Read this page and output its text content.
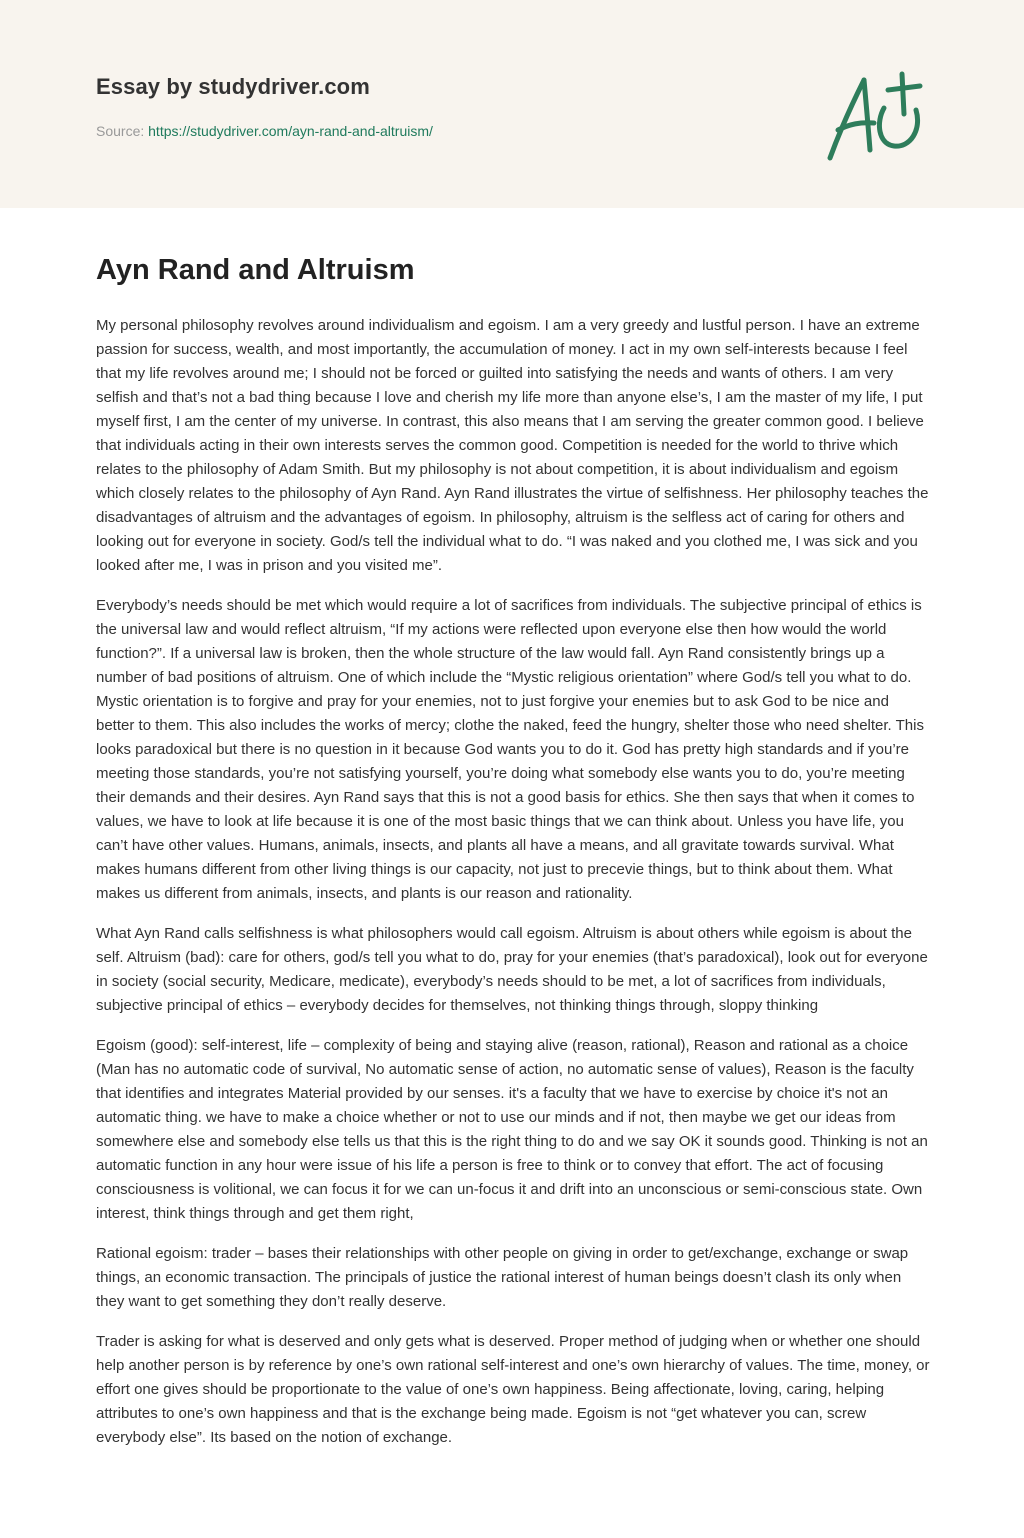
Essay by studydriver.com
Source: https://studydriver.com/ayn-rand-and-altruism/
Ayn Rand and Altruism

My personal philosophy revolves around individualism and egoism. I am a very greedy and lustful person. I have an extreme passion for success, wealth, and most importantly, the accumulation of money. I act in my own self-interests because I feel that my life revolves around me; I should not be forced or guilted into satisfying the needs and wants of others. I am very selfish and that’s not a bad thing because I love and cherish my life more than anyone else’s, I am the master of my life, I put myself first, I am the center of my universe. In contrast, this also means that I am serving the greater common good. I believe that individuals acting in their own interests serves the common good. Competition is needed for the world to thrive which relates to the philosophy of Adam Smith. But my philosophy is not about competition, it is about individualism and egoism which closely relates to the philosophy of Ayn Rand. Ayn Rand illustrates the virtue of selfishness. Her philosophy teaches the disadvantages of altruism and the advantages of egoism. In philosophy, altruism is the selfless act of caring for others and looking out for everyone in society. God/s tell the individual what to do. “I was naked and you clothed me, I was sick and you looked after me, I was in prison and you visited me”.

Everybody’s needs should be met which would require a lot of sacrifices from individuals. The subjective principal of ethics is the universal law and would reflect altruism, “If my actions were reflected upon everyone else then how would the world function?”. If a universal law is broken, then the whole structure of the law would fall. Ayn Rand consistently brings up a number of bad positions of altruism. One of which include the “Mystic religious orientation” where God/s tell you what to do. Mystic orientation is to forgive and pray for your enemies, not to just forgive your enemies but to ask God to be nice and better to them. This also includes the works of mercy; clothe the naked, feed the hungry, shelter those who need shelter. This looks paradoxical but there is no question in it because God wants you to do it. God has pretty high standards and if you’re meeting those standards, you’re not satisfying yourself, you’re doing what somebody else wants you to do, you’re meeting their demands and their desires. Ayn Rand says that this is not a good basis for ethics. She then says that when it comes to values, we have to look at life because it is one of the most basic things that we can think about. Unless you have life, you can’t have other values. Humans, animals, insects, and plants all have a means, and all gravitate towards survival. What makes humans different from other living things is our capacity, not just to precevie things, but to think about them. What makes us different from animals, insects, and plants is our reason and rationality.

What Ayn Rand calls selfishness is what philosophers would call egoism. Altruism is about others while egoism is about the self. Altruism (bad): care for others, god/s tell you what to do, pray for your enemies (that’s paradoxical), look out for everyone in society (social security, Medicare, medicate), everybody’s needs should to be met, a lot of sacrifices from individuals, subjective principal of ethics – everybody decides for themselves, not thinking things through, sloppy thinking

Egoism (good): self-interest, life – complexity of being and staying alive (reason, rational), Reason and rational as a choice (Man has no automatic code of survival, No automatic sense of action, no automatic sense of values), Reason is the faculty that identifies and integrates Material provided by our senses. it's a faculty that we have to exercise by choice it's not an automatic thing. we have to make a choice whether or not to use our minds and if not, then maybe we get our ideas from somewhere else and somebody else tells us that this is the right thing to do and we say OK it sounds good. Thinking is not an automatic function in any hour were issue of his life a person is free to think or to convey that effort. The act of focusing consciousness is volitional, we can focus it for we can un-focus it and drift into an unconscious or semi-conscious state. Own interest, think things through and get them right,

Rational egoism: trader – bases their relationships with other people on giving in order to get/exchange, exchange or swap things, an economic transaction. The principals of justice the rational interest of human beings doesn’t clash its only when they want to get something they don’t really deserve.

Trader is asking for what is deserved and only gets what is deserved. Proper method of judging when or whether one should help another person is by reference by one’s own rational self-interest and one’s own hierarchy of values. The time, money, or effort one gives should be proportionate to the value of one’s own happiness. Being affectionate, loving, caring, helping attributes to one’s own happiness and that is the exchange being made. Egoism is not “get whatever you can, screw everybody else”. Its based on the notion of exchange.
